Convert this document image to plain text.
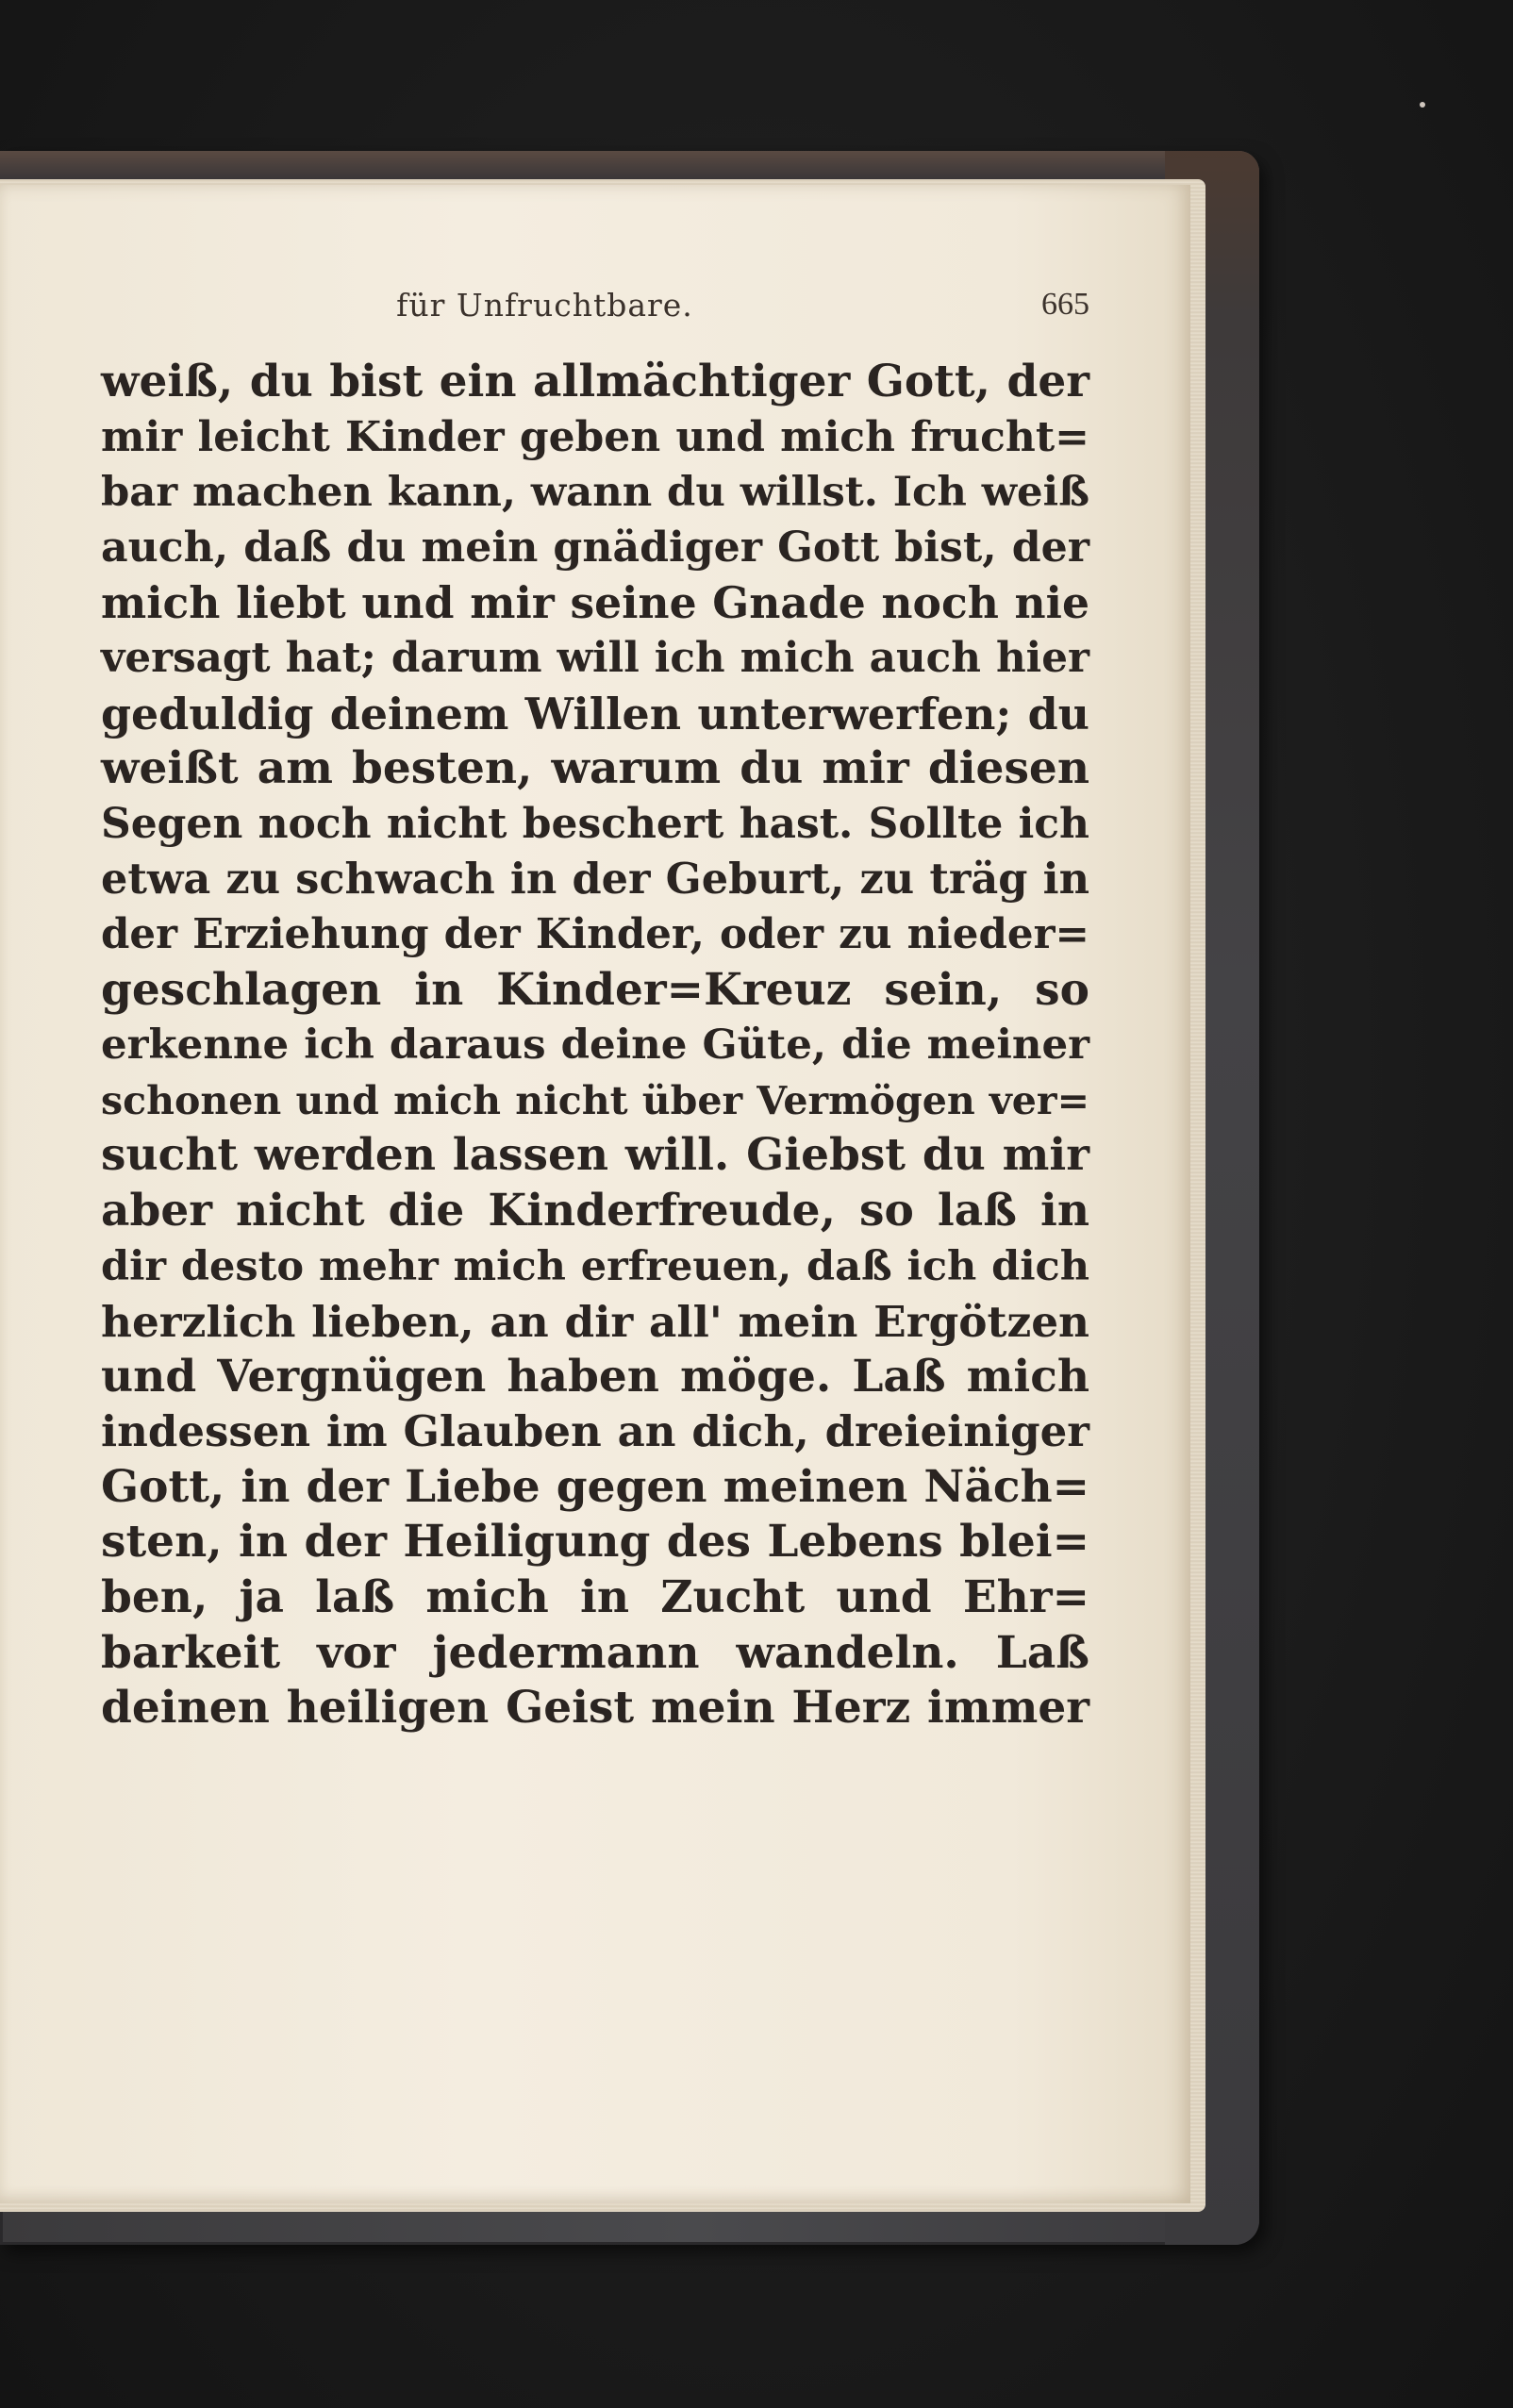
für Unfruchtbare.	665
weiß, du bist ein allmächtiger Gott, der
mir leicht Kinder geben und mich frucht=
bar machen kann, wann du willst. Ich weiß
auch, daß du mein gnädiger Gott bist, der
mich liebt und mir seine Gnade noch nie
versagt hat; darum will ich mich auch hier
geduldig deinem Willen unterwerfen; du
weißt am besten, warum du mir diesen
Segen noch nicht beschert hast. Sollte ich
etwa zu schwach in der Geburt, zu träg in
der Erziehung der Kinder, oder zu nieder=
geschlagen in Kinder=Kreuz sein, so
erkenne ich daraus deine Güte, die meiner
schonen und mich nicht über Vermögen ver=
sucht werden lassen will. Giebst du mir
aber nicht die Kinderfreude, so laß in
dir desto mehr mich erfreuen, daß ich dich
herzlich lieben, an dir all' mein Ergötzen
und Vergnügen haben möge. Laß mich
indessen im Glauben an dich, dreieiniger
Gott, in der Liebe gegen meinen Näch=
sten, in der Heiligung des Lebens blei=
ben, ja laß mich in Zucht und Ehr=
barkeit vor jedermann wandeln. Laß
deinen heiligen Geist mein Herz immer
